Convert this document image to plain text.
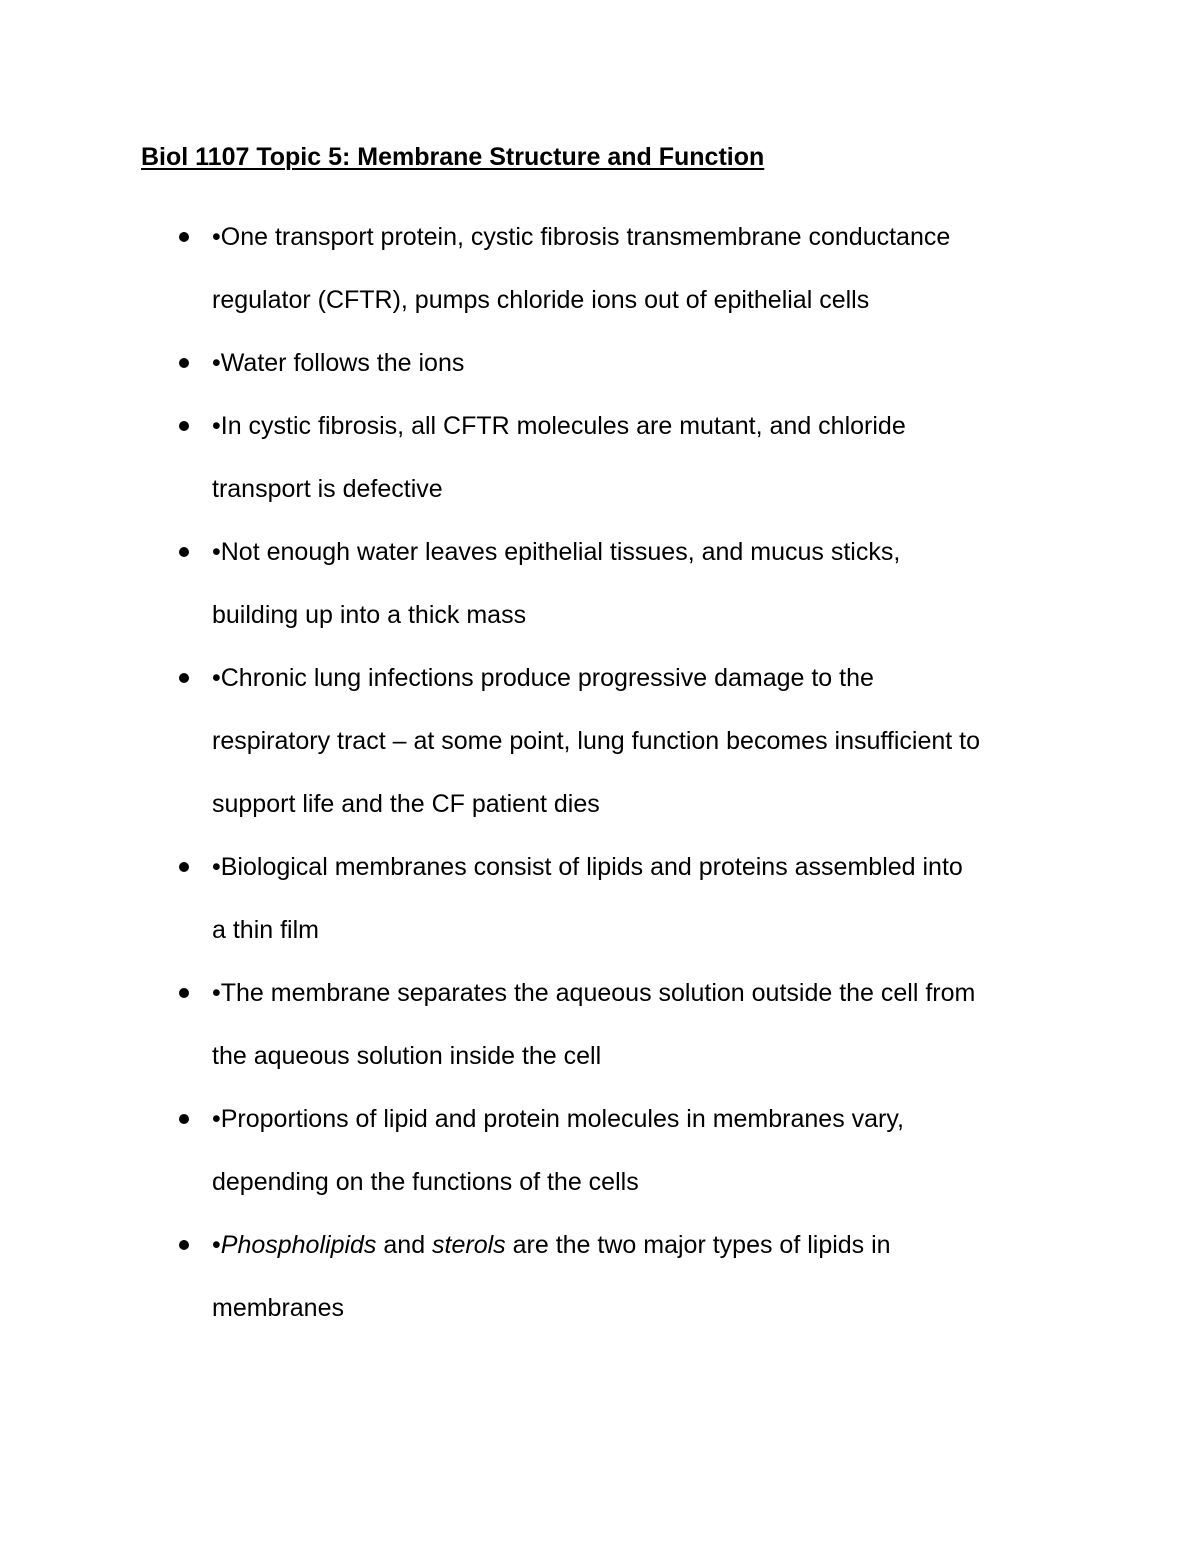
Biol 1107 Topic 5: Membrane Structure and Function
•One transport protein, cystic fibrosis transmembrane conductance
regulator (CFTR), pumps chloride ions out of epithelial cells
•Water follows the ions
•In cystic fibrosis, all CFTR molecules are mutant, and chloride
transport is defective
•Not enough water leaves epithelial tissues, and mucus sticks,
building up into a thick mass
•Chronic lung infections produce progressive damage to the
respiratory tract – at some point, lung function becomes insufficient to
support life and the CF patient dies
•Biological membranes consist of lipids and proteins assembled into
a thin film
•The membrane separates the aqueous solution outside the cell from
the aqueous solution inside the cell
•Proportions of lipid and protein molecules in membranes vary,
depending on the functions of the cells
•Phospholipids and sterols are the two major types of lipids in
membranes
